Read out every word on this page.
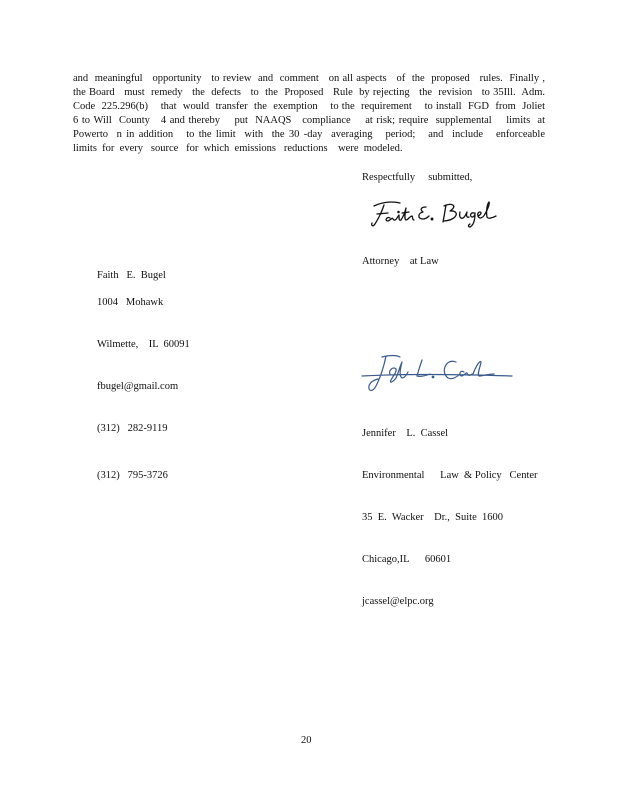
and  meaningful   opportunity   to review  and  comment   on all aspects   of  the  proposed   rules.  Finally ,
the Board   must  remedy   the  defects   to  the  Proposed   Rule  by rejecting   the  revision   to 35Ill.  Adm.
Code  225.296(b)    that  would  transfer  the  exemption    to the  requirement    to install  FGD  from  Joliet
6 to Will  County   4 and thereby    put  NAAQS   compliance    at risk; require  supplemental    limits  at
Powerto  n in addition   to the limit  with  the 30 -day  averaging   period;   and  include   enforceable
limits  for  every   source   for  which  emissions   reductions    were  modeled.
Respectfully     submitted,
Attorney    at Law

Faith   E.  Bugel

1004   Mohawk

Wilmette,    IL  60091

fbugel@gmail.com

(312)   282-9119

	Jennifer    L.  Cassel

Environmental      Law  & Policy   Center

35  E.  Wacker    Dr.,  Suite  1600

Chicago,IL      60601

jcassel@elpc.org

(312)   795-3726
20
